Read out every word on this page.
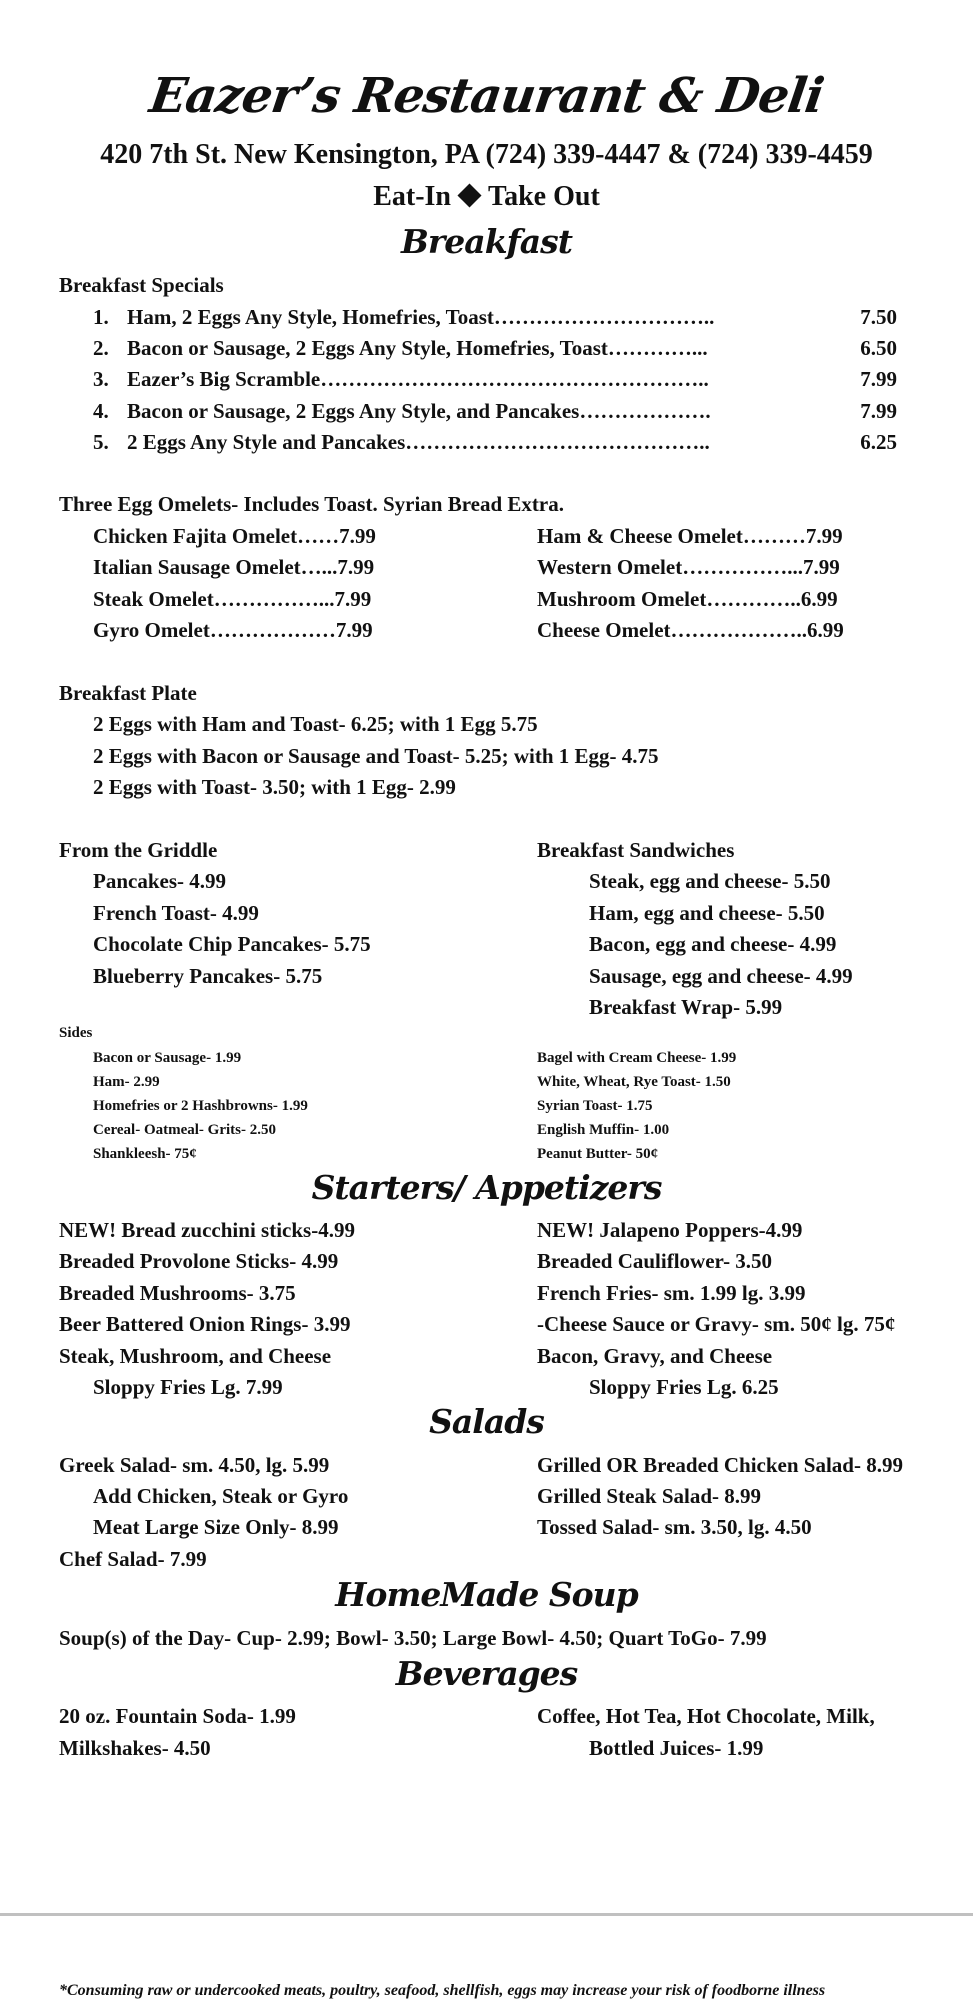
Eazer’s Restaurant & Deli
420 7th St. New Kensington, PA (724) 339-4447 & (724) 339-4459
Eat-In Take Out
Breakfast
Breakfast Specials
1. Ham, 2 Eggs Any Style, Homefries, Toast…………………………..	7.50
2. Bacon or Sausage, 2 Eggs Any Style, Homefries, Toast…………...	6.50
3. Eazer’s Big Scramble………………………………………………..	7.99
4. Bacon or Sausage, 2 Eggs Any Style, and Pancakes……………….	7.99
5. 2 Eggs Any Style and Pancakes……………………………………..	6.25
Three Egg Omelets- Includes Toast. Syrian Bread Extra.
Chicken Fajita Omelet……7.99
Italian Sausage Omelet…...7.99
Steak Omelet……………...7.99
Gyro Omelet………………7.99
Ham & Cheese Omelet………7.99
Western Omelet……………...7.99
Mushroom Omelet…………..6.99
Cheese Omelet………………..6.99
Breakfast Plate
2 Eggs with Ham and Toast- 6.25; with 1 Egg 5.75
2 Eggs with Bacon or Sausage and Toast- 5.25; with 1 Egg- 4.75
2 Eggs with Toast- 3.50; with 1 Egg- 2.99
From the Griddle
Pancakes- 4.99
French Toast- 4.99
Chocolate Chip Pancakes- 5.75
Blueberry Pancakes- 5.75
Breakfast Sandwiches
Steak, egg and cheese- 5.50
Ham, egg and cheese- 5.50
Bacon, egg and cheese- 4.99
Sausage, egg and cheese- 4.99
Breakfast Wrap- 5.99
Sides
Bacon or Sausage- 1.99
Ham- 2.99
Homefries or 2 Hashbrowns- 1.99
Cereal- Oatmeal- Grits- 2.50
Shankleesh- 75¢
Bagel with Cream Cheese- 1.99
White, Wheat, Rye Toast- 1.50
Syrian Toast- 1.75
English Muffin- 1.00
Peanut Butter- 50¢
Starters/ Appetizers
NEW! Bread zucchini sticks-4.99
Breaded Provolone Sticks- 4.99
Breaded Mushrooms- 3.75
Beer Battered Onion Rings- 3.99
Steak, Mushroom, and Cheese
Sloppy Fries Lg. 7.99
NEW! Jalapeno Poppers-4.99
Breaded Cauliflower- 3.50
French Fries- sm. 1.99 lg. 3.99
-Cheese Sauce or Gravy- sm. 50¢ lg. 75¢
Bacon, Gravy, and Cheese
Sloppy Fries Lg. 6.25
Salads
Greek Salad- sm. 4.50, lg. 5.99
Add Chicken, Steak or Gyro
Meat Large Size Only- 8.99
Chef Salad- 7.99
Grilled OR Breaded Chicken Salad- 8.99
Grilled Steak Salad- 8.99
Tossed Salad- sm. 3.50, lg. 4.50
HomeMade Soup
Soup(s) of the Day- Cup- 2.99; Bowl- 3.50; Large Bowl- 4.50; Quart ToGo- 7.99
Beverages
20 oz. Fountain Soda- 1.99
Milkshakes- 4.50
Coffee, Hot Tea, Hot Chocolate, Milk,
Bottled Juices- 1.99
*Consuming raw or undercooked meats, poultry, seafood, shellfish, eggs may increase your risk of foodborne illness
